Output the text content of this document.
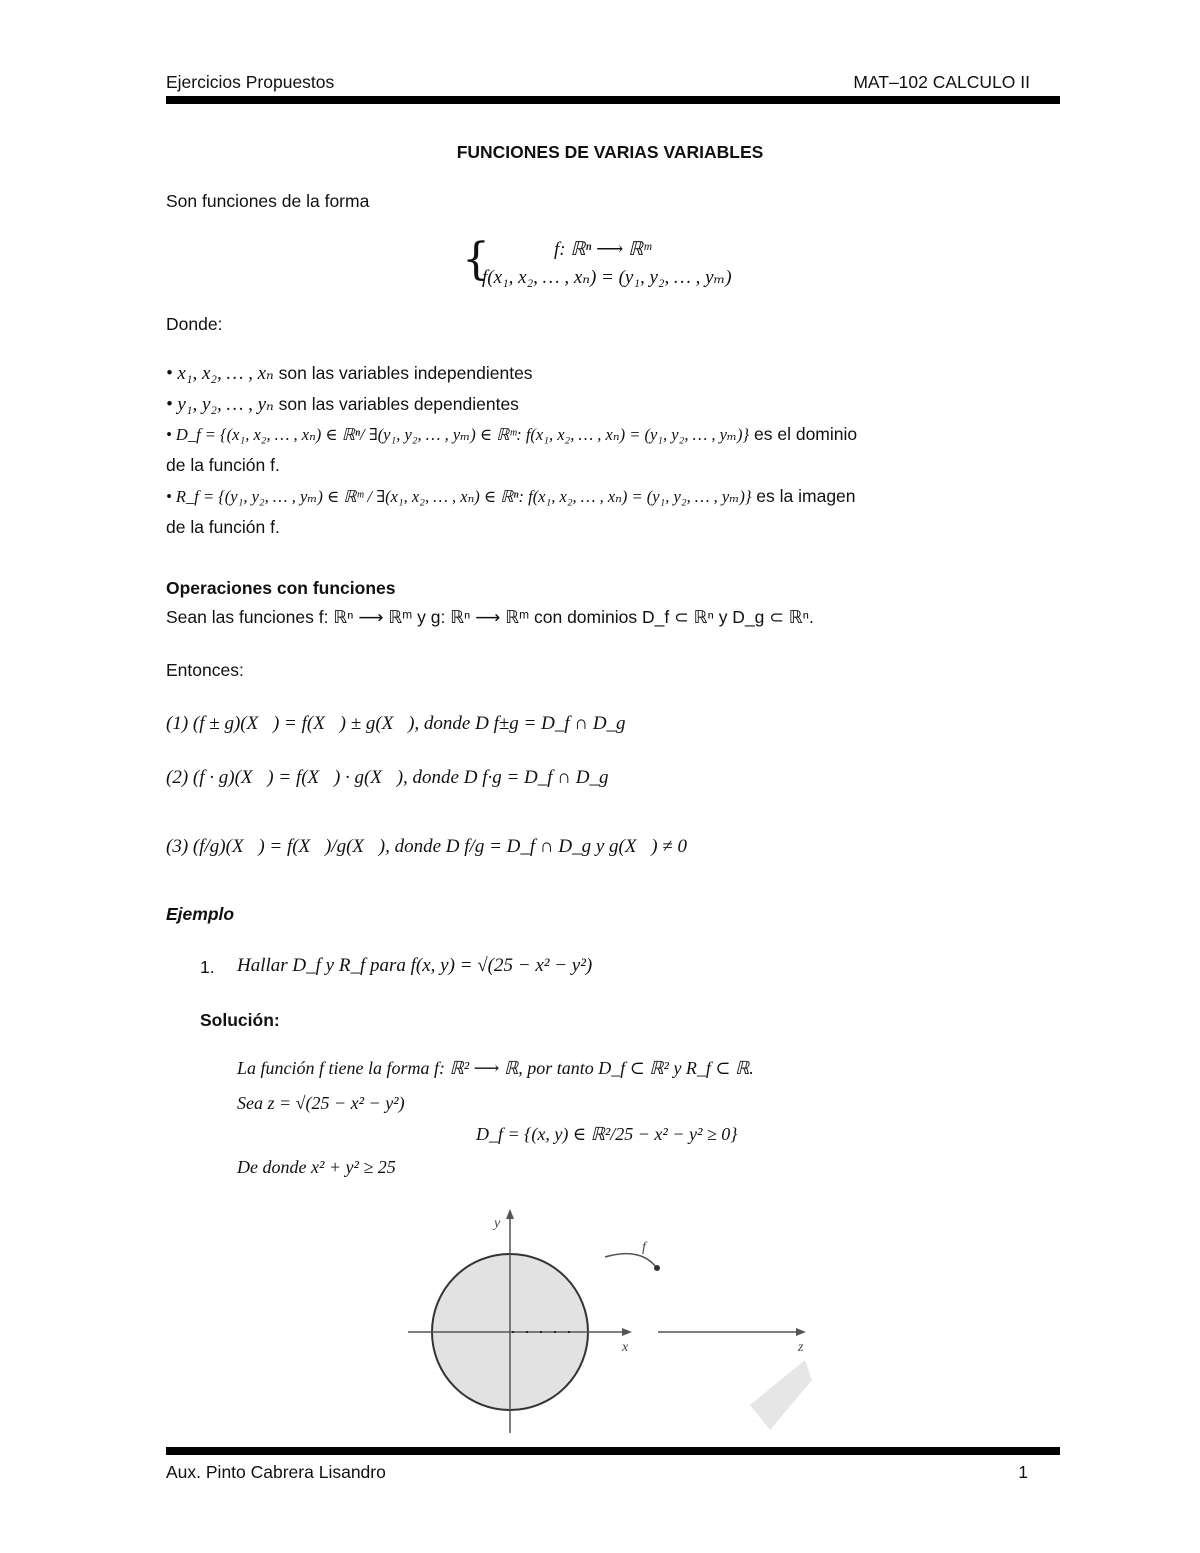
Ejercicios Propuestos	MAT–102 CALCULO II
FUNCIONES DE VARIAS VARIABLES
Son funciones de la forma
{	f: ℝⁿ ⟶ ℝᵐ
f(x₁, x₂, … , xₙ) = (y₁, y₂, … , yₘ)
Donde:
• x₁, x₂, … , xₙ son las variables independientes
• y₁, y₂, … , yₙ son las variables dependientes
• D_f = {(x₁, x₂, … , xₙ) ∈ ℝⁿ/ ∃(y₁, y₂, … , yₘ) ∈ ℝᵐ: f(x₁, x₂, … , xₙ) = (y₁, y₂, … , yₘ)} es el dominio
de la función f.
• R_f = {(y₁, y₂, … , yₘ) ∈ ℝᵐ / ∃(x₁, x₂, … , xₙ) ∈ ℝⁿ: f(x₁, x₂, … , xₙ) = (y₁, y₂, … , yₘ)} es la imagen
de la función f.
Operaciones con funciones
Sean las funciones f: ℝⁿ ⟶ ℝᵐ y g: ℝⁿ ⟶ ℝᵐ con dominios D_f ⊂ ℝⁿ y D_g ⊂ ℝⁿ.
Entonces:
(1) (f ± g)(X⃗) = f(X⃗) ± g(X⃗), donde D f±g = D_f ∩ D_g
(2) (f · g)(X⃗) = f(X⃗) · g(X⃗), donde D f·g = D_f ∩ D_g
(3) (f/g)(X⃗) = f(X⃗)/g(X⃗), donde D f/g = D_f ∩ D_g y g(X⃗) ≠ 0
Ejemplo
1. Hallar D_f y R_f para f(x, y) = √(25 − x² − y²)
Solución:
La función f tiene la forma f: ℝ² ⟶ ℝ, por tanto D_f ⊂ ℝ² y R_f ⊂ ℝ.
Sea z = √(25 − x² − y²)
D_f = {(x, y) ∈ ℝ²/25 − x² − y² ≥ 0}
De donde x² + y² ≥ 25
y
x	z
f
Aux. Pinto Cabrera Lisandro	1
